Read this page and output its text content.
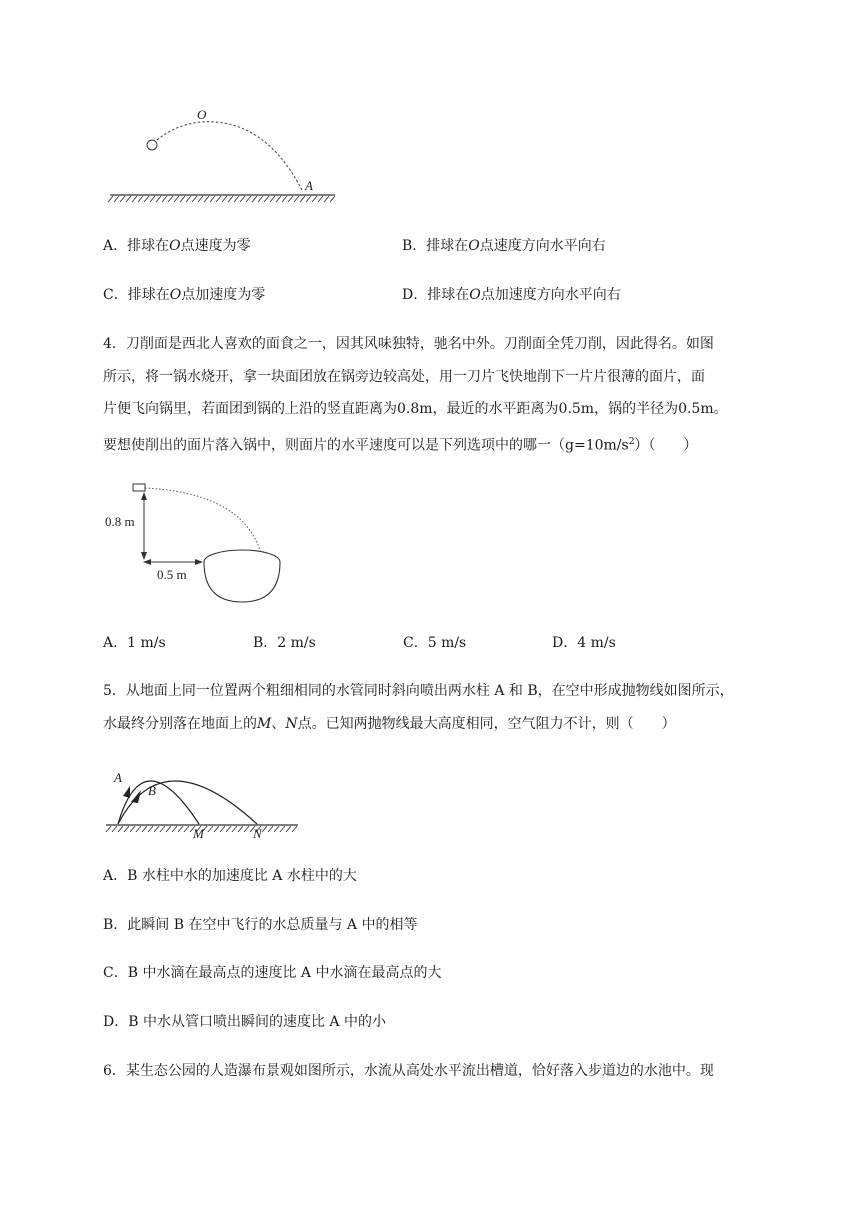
O
A
A．排球在O点速度为零	B．排球在O点速度方向水平向右
C．排球在O点加速度为零	D．排球在O点加速度方向水平向右
4．刀削面是西北人喜欢的面食之一，因其风味独特，驰名中外。刀削面全凭刀削，因此得名。如图
所示，将一锅水烧开，拿一块面团放在锅旁边较高处，用一刀片飞快地削下一片片很薄的面片，面
片便飞向锅里，若面团到锅的上沿的竖直距离为0.8m，最近的水平距离为0.5m，锅的半径为0.5m。
要想使削出的面片落入锅中，则面片的水平速度可以是下列选项中的哪一$(g=10m/s^2)$（　　）
0.8 m
0.5 m
A．1 m/s	B．2 m/s	C．5 m/s	D．4 m/s
5．从地面上同一位置两个粗细相同的水管同时斜向喷出两水柱 A 和 B，在空中形成抛物线如图所示，
水最终分别落在地面上的M、N点。已知两抛物线最大高度相同，空气阻力不计，则（　　）
A
B
M	N
A．B 水柱中水的加速度比 A 水柱中的大
B．此瞬间 B 在空中飞行的水总质量与 A 中的相等
C．B 中水滴在最高点的速度比 A 中水滴在最高点的大
D．B 中水从管口喷出瞬间的速度比 A 中的小
6．某生态公园的人造瀑布景观如图所示，水流从高处水平流出槽道，恰好落入步道边的水池中。现
